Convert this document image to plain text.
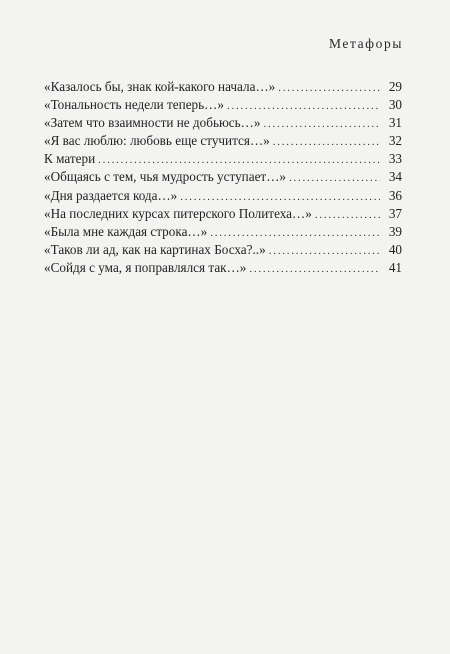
Метафоры
«Казалось бы, знак кой-какого начала…» . . .	29
«Тональность недели теперь…» . . .	30
«Затем что взаимности не добьюсь…» . . .	31
«Я вас люблю: любовь еще стучится…» . . .	32
К матери . . .	33
«Общаясь с тем, чья мудрость уступает…» . . .	34
«Дня раздается кода…» . . .	36
«На последних курсах питерского Политеха…» . . .	37
«Была мне каждая строка…» . . .	39
«Таков ли ад, как на картинах Босха?..» . . .	40
«Сойдя с ума, я поправлялся так…» . . .	41
